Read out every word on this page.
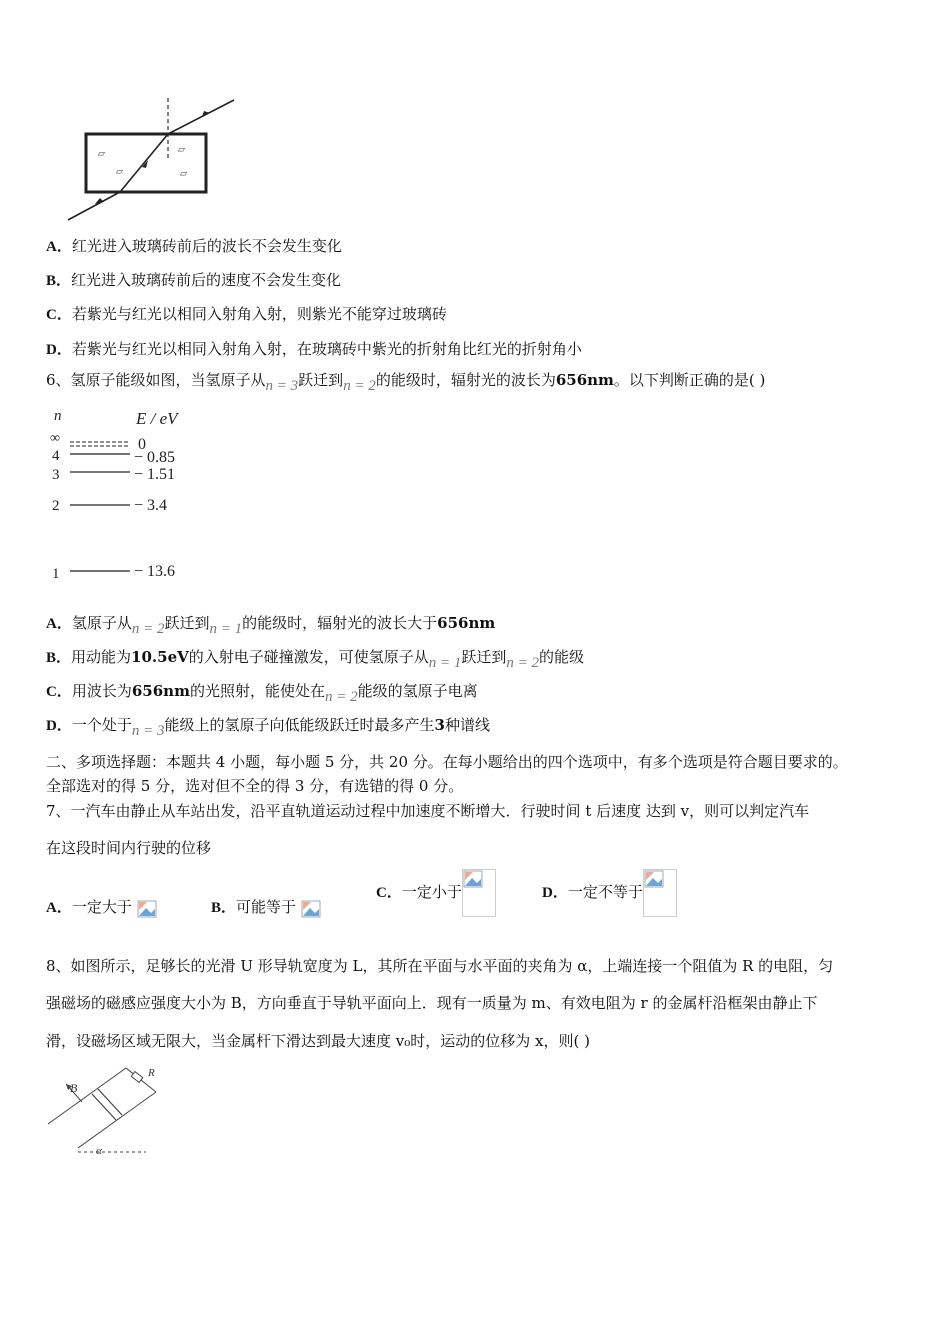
▱
▱
▱
▱
A．红光进入玻璃砖前后的波长不会发生变化
B．红光进入玻璃砖前后的速度不会发生变化
C．若紫光与红光以相同入射角入射，则紫光不能穿过玻璃砖
D．若紫光与红光以相同入射角入射，在玻璃砖中紫光的折射角比红光的折射角小
6、氢原子能级如图，当氢原子从n = 3跃迁到n = 2的能级时，辐射光的波长为656nm。以下判断正确的是( )
n	E / eV
∞	0
4	− 0.85
3	− 1.51
2	− 3.4
1	− 13.6
A．氢原子从n = 2跃迁到n = 1的能级时，辐射光的波长大于656nm
B．用动能为10.5eV的入射电子碰撞激发，可使氢原子从n = 1跃迁到n = 2的能级
C．用波长为656nm的光照射，能使处在n = 2能级的氢原子电离
D．一个处于n = 3能级上的氢原子向低能级跃迁时最多产生3种谱线
二、多项选择题：本题共 4 小题，每小题 5 分，共 20 分。在每小题给出的四个选项中，有多个选项是符合题目要求的。
全部选对的得 5 分，选对但不全的得 3 分，有选错的得 0 分。
7、一汽车由静止从车站出发，沿平直轨道运动过程中加速度不断增大．行驶时间 t 后速度 达到 v，则可以判定汽车
在这段时间内行驶的位移
A．一定大于	B．可能等于
C．一定小于	D．一定不等于
8、如图所示，足够长的光滑 U 形导轨宽度为 L，其所在平面与水平面的夹角为 α，上端连接一个阻值为 R 的电阻，匀
强磁场的磁感应强度大小为 B，方向垂直于导轨平面向上．现有一质量为 m、有效电阻为 r 的金属杆沿框架由静止下
滑，设磁场区域无限大，当金属杆下滑达到最大速度 v₀时，运动的位移为 x，则( )
B
R
α
